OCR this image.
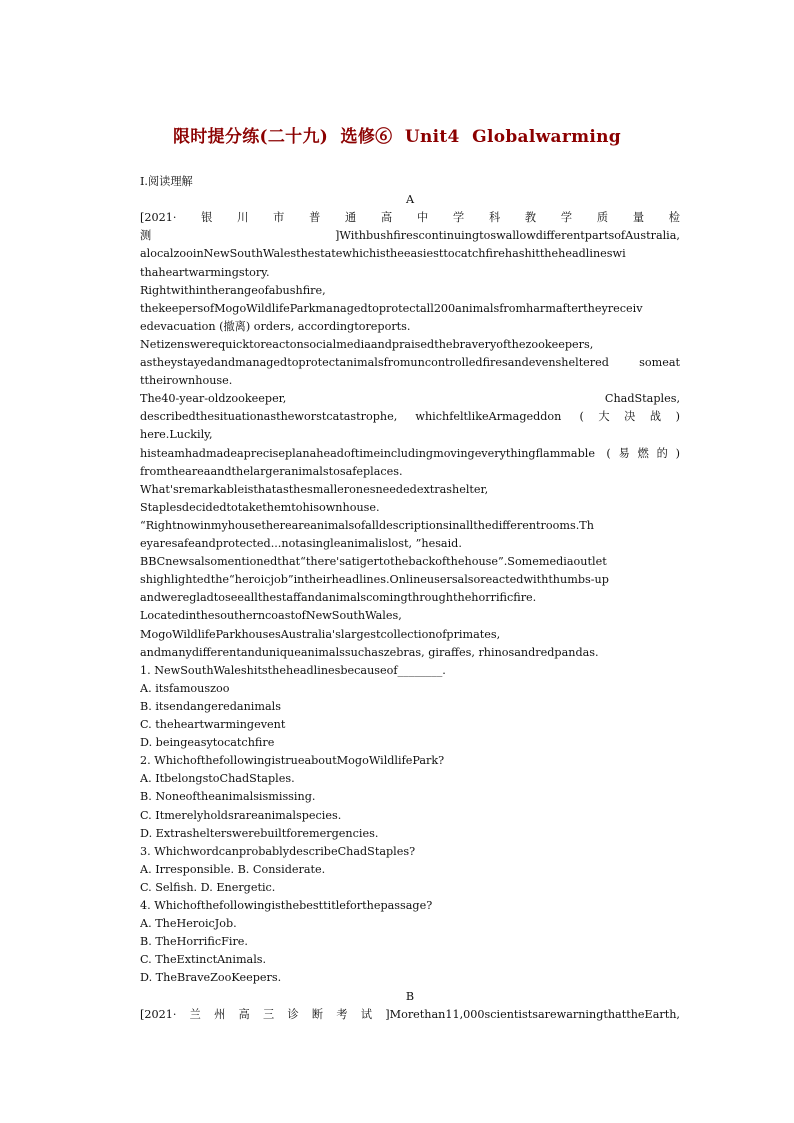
限时提分练(二十九)  选修⑥  Unit4  Globalwarming
Ⅰ.阅读理解
A
[2021·银川市普通高中学科教学质量检
测]WithbushfirescontinuingtoswallowdifferentpartsofAustralia,
alocalzooinNewSouthWalesthestatewhichistheeasiesttocatchfirehashittheheadlineswi
thaheartwarmingstory.
Rightwithintherangeofabushfire,
thekeepersofMogoWildlifeParkmanagedtoprotectall200animalsfromharmaftertheyreceiv
edevacuation (撤离) orders, accordingtoreports.
Netizenswerequicktoreactonsocialmediaandpraisedthebraveryofthezookeepers,
astheystayedandmanagedtoprotectanimalsfromuncontrolledfiresandevensheltered someat
ttheirownhouse.
The40-year-oldzookeeper, ChadStaples,
describedthesituationastheworstcatastrophe, whichfeltlikeArmageddon (大决战)
here.Luckily,
histeamhadmadeapreciseplanaheadoftimeincludingmovingeverythingflammable (易燃的)
fromtheareaandthelargeranimalstosafeplaces.
What'sremarkableisthatasthesmalleronesneededextrashelter,
Staplesdecidedtotakethemtohisownhouse.
“Rightnowinmyhousethereareanimalsofalldescriptionsinallthedifferentrooms.Th
eyaresafeandprotected...notasingleanimalislost, ”hesaid.
BBCnewsalsomentionedthat“there'satigertothebackofthehouse”.Somemediaoutlet
shighlightedthe“heroicjob”intheirheadlines.Onlineusersalsoreactedwiththumbs-up
andweregladtoseeallthestaffandanimalscomingthroughthehorrificfire.
LocatedinthesoutherncoastofNewSouthWales,
MogoWildlifeParkhousesAustralia'slargestcollectionofprimates,
andmanydifferentanduniqueanimalssuchaszebras, giraffes, rhinosandredpandas.
1. NewSouthWaleshitstheheadlinesbecauseof________.
A. itsfamouszoo
B. itsendangeredanimals
C. theheartwarmingevent
D. beingeasytocatchfire
2. WhichofthefollowingistrueaboutMogoWildlifePark?
A. ItbelongstoChadStaples.
B. Noneoftheanimalsismissing.
C. Itmerelyholdsrareanimalspecies.
D. Extrashelterswerebuiltforemergencies.
3. WhichwordcanprobablydescribeChadStaples?
A. Irresponsible. B. Considerate.
C. Selfish. D. Energetic.
4. Whichofthefollowingisthebesttitleforthepassage?
A. TheHeroicJob.
B. TheHorrificFire.
C. TheExtinctAnimals.
D. TheBraveZooKeepers.
B
[2021·兰州高三诊断考试]Morethan11,000scientistsarewarningthattheEarth,
